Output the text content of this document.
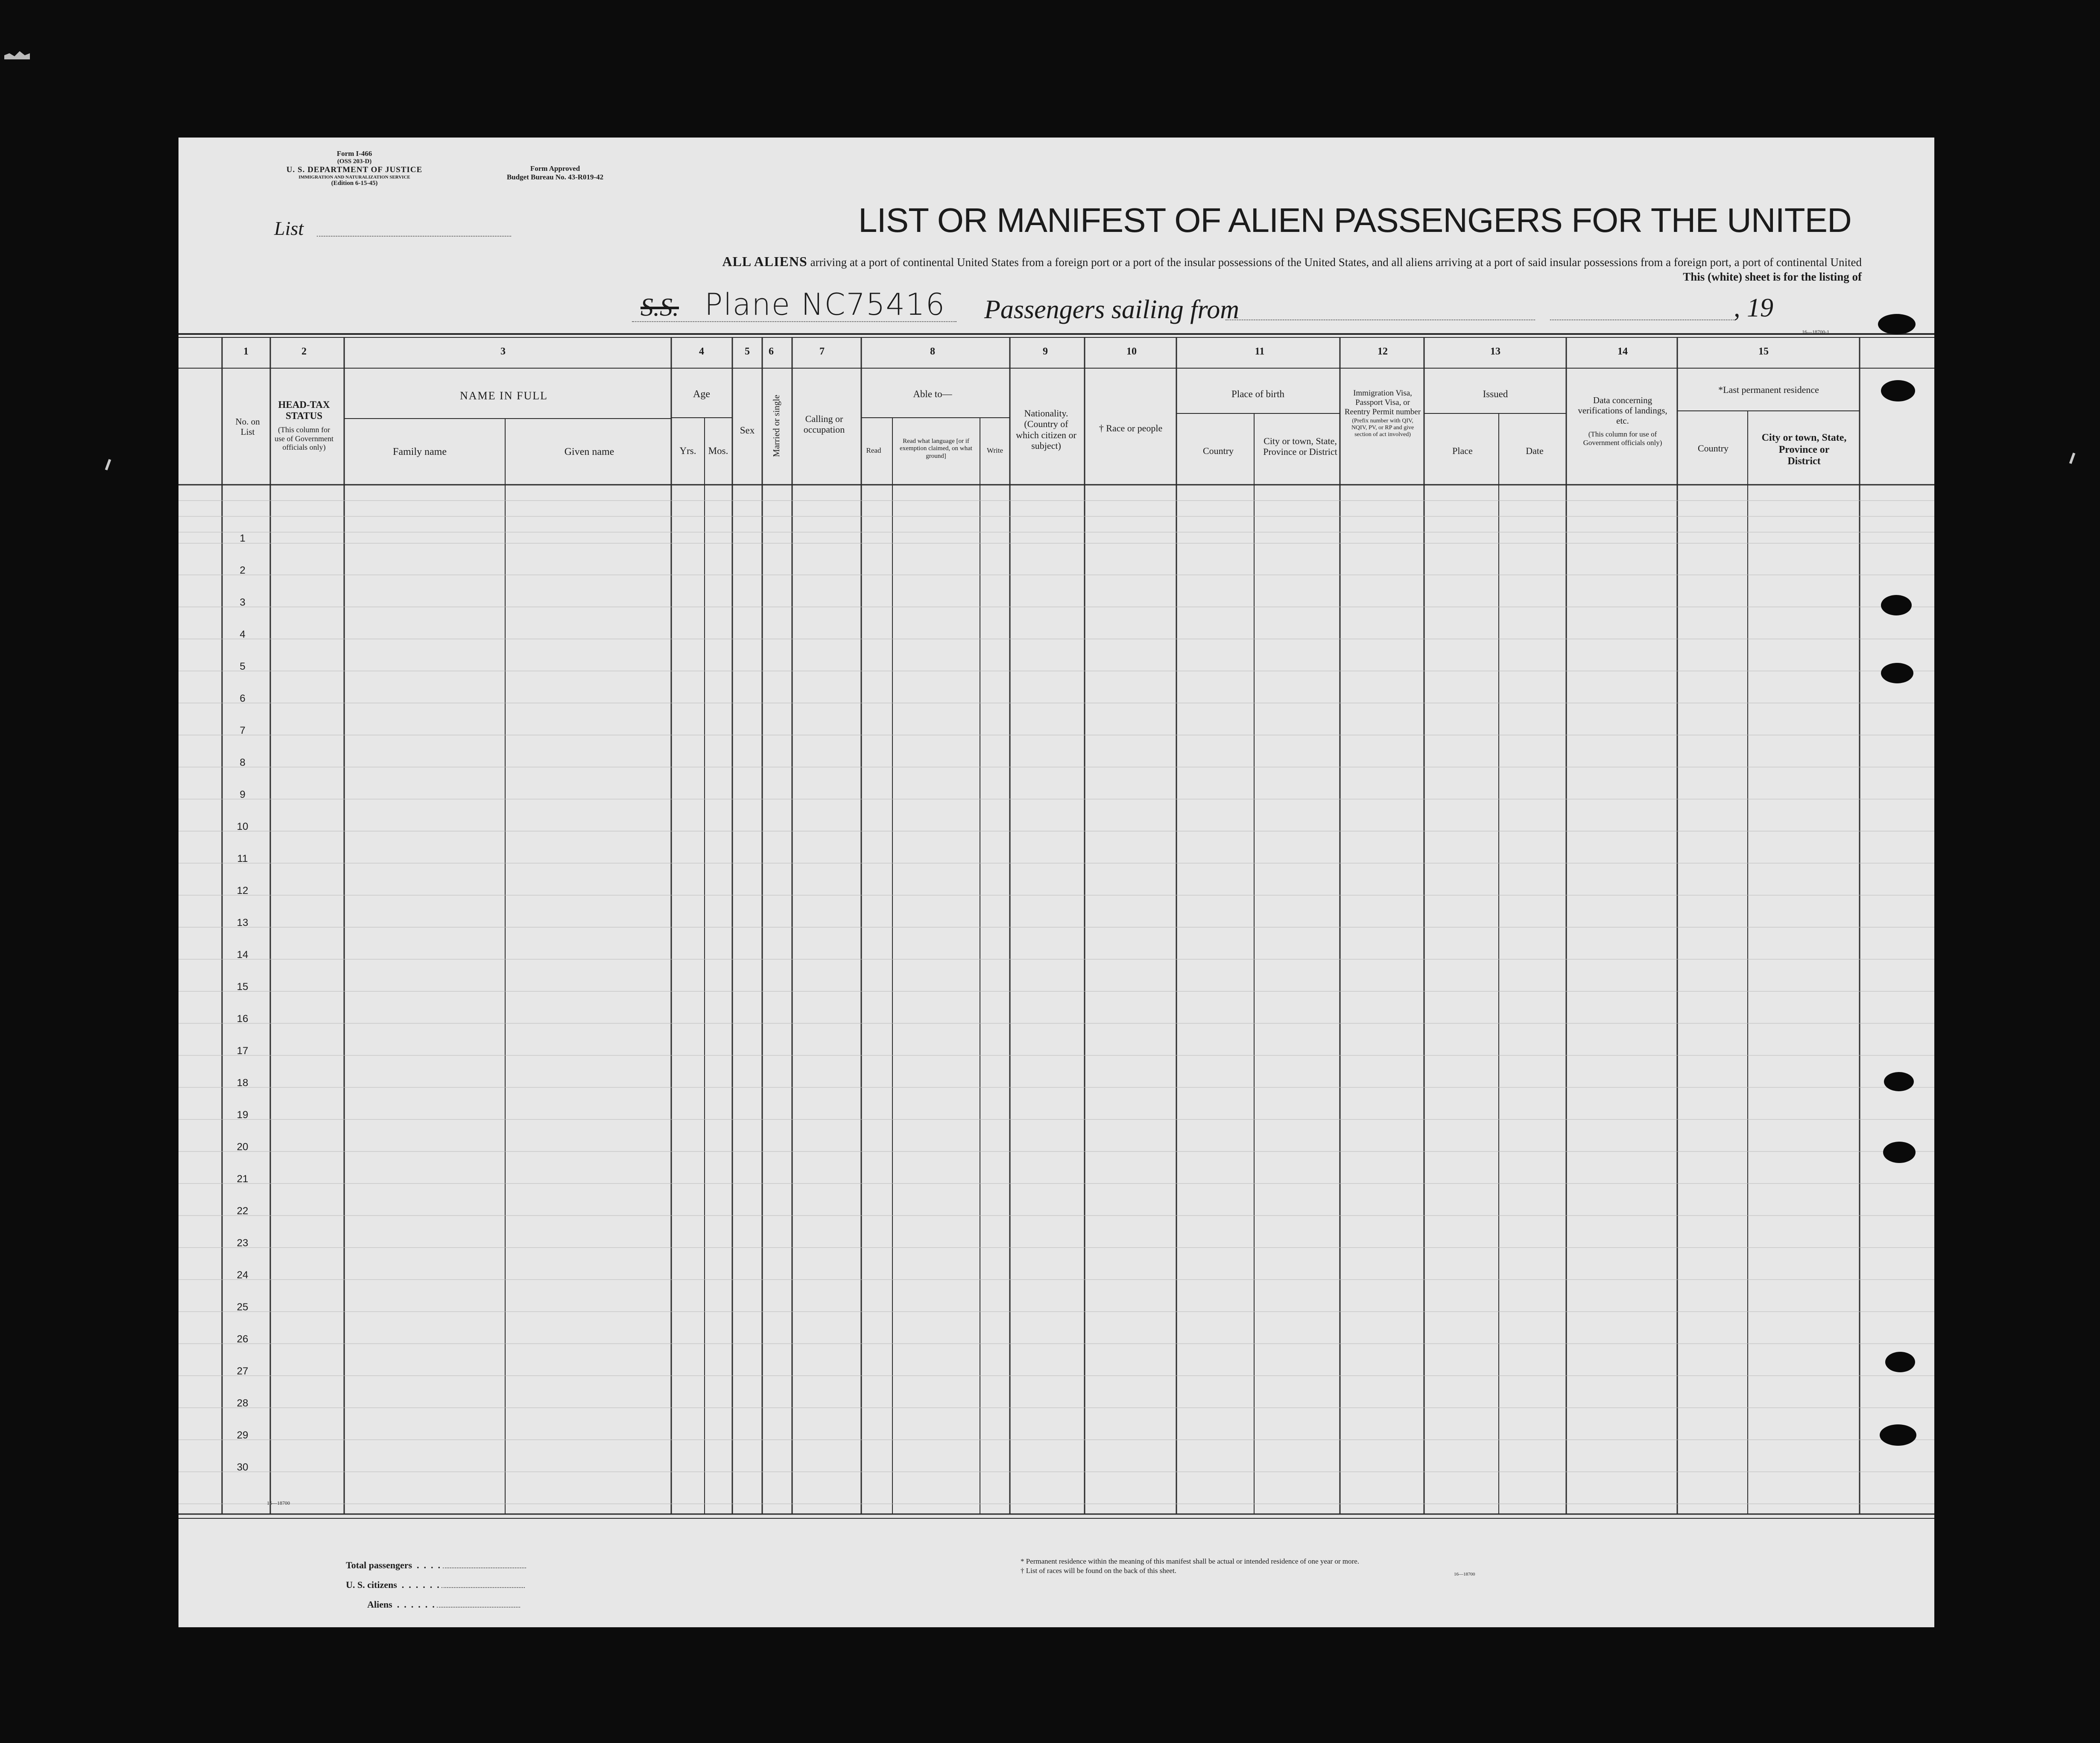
Form I-466
(OSS 203-D)
U. S. DEPARTMENT OF JUSTICE
IMMIGRATION AND NATURALIZATION SERVICE
(Edition 6-15-45)
Form Approved
Budget Bureau No. 43-R019-42
List	LIST OR MANIFEST OF ALIEN PASSENGERS FOR THE UNITED
ALL ALIENS arriving at a port of continental United States from a foreign port or a port of the insular possessions of the United States, and all aliens arriving at a port of said insular possessions from a foreign port, a port of continental United
This (white) sheet is for the listing of
S.S. Plane NC75416 Passengers sailing from	, 19
16—18700-1
1	2	3	4	5 6	7	8	9	10	11	12	13	14	15
No. on List
HEAD-TAX STATUS
(This column for use of Government officials only)
NAME IN FULL
Family name	Given name
Age
Yrs. Mos.
Sex Married or single	Calling or occupation
Able to—
Read
Read what language [or if exemption claimed, on what ground]
Write
Nationality. (Country of which citizen or subject)
† Race or people
Place of birth
Country
City or town, State, Province or District
Immigration Visa, Passport Visa, or Reentry Permit number
(Prefix number with QIV, NQIV, PV, or RP and give section of act involved)
Issued
Place	Date
Data concerning verifications of landings, etc.
(This column for use of Government officials only)
*Last permanent residence
Country
City or town, State, Province or District
1
2
3
4
5
6
7
8
9
10
11
12
13
14
15
16
17
18
19
20
21
22
23
24
25
26
27
28
29
30
16—18700
Total passengers  .  .  .  .
U. S. citizens  .  .  .  .  .  .
Aliens  .  .  .  .  .  .
* Permanent residence within the meaning of this manifest shall be actual or intended residence of one year or more.
† List of races will be found on the back of this sheet.	16—18700
